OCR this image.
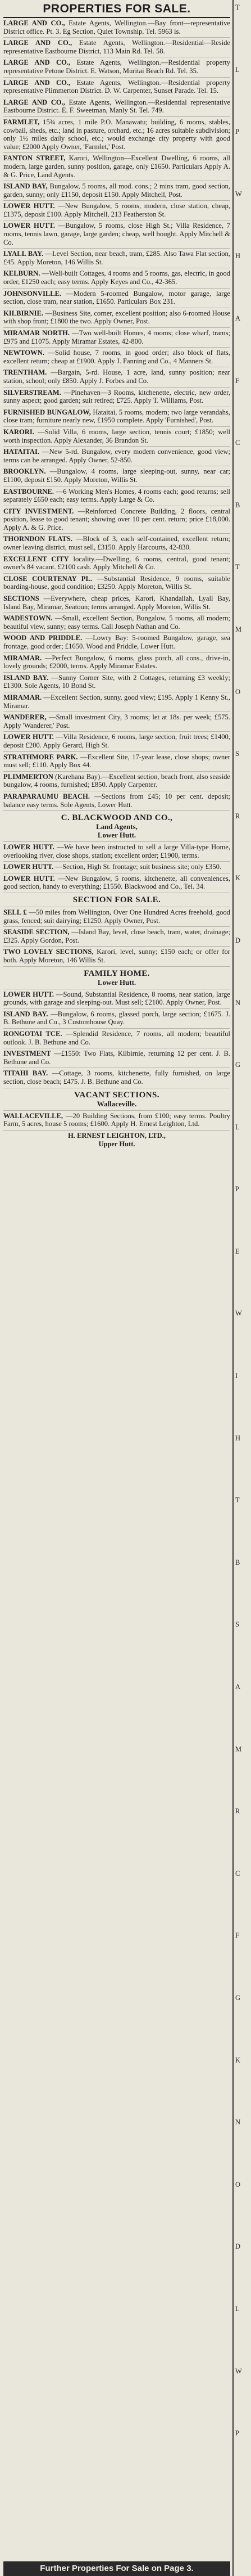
PROPERTIES FOR SALE.
LARGE AND CO., Estate Agents, Wellington.—Bay front—representative District office. Pt. 3. Eg Section, Quiet Township. Tel. 5963 is.
LARGE AND CO., Estate Agents, Wellington.—Residential—Reside representative Eastbourne District, 113 Main Rd. Tel. 58.
LARGE AND CO., Estate Agents, Wellington.—Residential property representative Petone District. E. Watson, Muritai Beach Rd. Tel. 35.
LARGE AND CO., Estate Agents, Wellington.—Residential property representative Plimmerton District. D. W. Carpenter, Sunset Parade. Tel. 15.
LARGE AND CO., Estate Agents, Wellington.—Residential representative Eastbourne District. E. F. Sweetman, Manly St. Tel. 749.
FARMLET, 15¾ acres, 1 mile P.O. Manawatu; building, 6 rooms, stables, cowbail, sheds, etc.; land in pasture, orchard, etc.; 16 acres suitable subdivision; only 1½ miles daily school, etc.; would exchange city property with good value; £2000 Apply Owner, 'Farmlet,' Post.
FANTON STREET, Karori, Wellington—Excellent Dwelling, 6 rooms, all modern, large garden, sunny position, garage, only £1650. Particulars Apply A. & G. Price, Land Agents.
ISLAND BAY, Bungalow, 5 rooms, all mod. cons.; 2 mins tram, good section, garden, sunny; only £1150, deposit £150. Apply Mitchell, Post.
LOWER HUTT. —New Bungalow, 5 rooms, modern, close station, cheap, £1375, deposit £100. Apply Mitchell, 213 Featherston St.
LOWER HUTT. —Bungalow, 5 rooms, close High St.; Villa Residence, 7 rooms, tennis lawn, garage, large garden; cheap, well bought. Apply Mitchell & Co.
LYALL BAY. —Level Section, near beach, tram, £285. Also Tawa Flat section, £45. Apply Moreton, 146 Willis St.
KELBURN. —Well-built Cottages, 4 rooms and 5 rooms, gas, electric, in good order, £1250 each; easy terms. Apply Keyes and Co., 42-365.
JOHNSONVILLE. —Modern 5-roomed Bungalow, motor garage, large section, close tram, near station, £1650. Particulars Box 231.
KILBIRNIE. —Business Site, corner, excellent position; also 6-roomed House with shop front; £1800 the two. Apply Owner, Post.
MIRAMAR NORTH. —Two well-built Homes, 4 rooms; close wharf, trams; £975 and £1075. Apply Miramar Estates, 42-800.
NEWTOWN. —Solid house, 7 rooms, in good order; also block of flats, excellent return; cheap at £1900. Apply J. Fanning and Co., 4 Manners St.
TRENTHAM. —Bargain, 5-rd. House, 1 acre, land, sunny position; near station, school; only £850. Apply J. Forbes and Co.
SILVERSTREAM. —Pinehaven—3 Rooms, kitchenette, electric, new order, sunny aspect; good garden; suit retired; £725. Apply T. Williams, Post.
FURNISHED BUNGALOW, Hataitai, 5 rooms, modern; two large verandahs, close tram; furniture nearly new, £1950 complete. Apply 'Furnished', Post.
KARORI. —Solid Villa, 6 rooms, large section, tennis court; £1850; well worth inspection. Apply Alexander, 36 Brandon St.
HATAITAI. —New 5-rd. Bungalow, every modern convenience, good view; terms can be arranged. Apply Owner, 52-850.
BROOKLYN. —Bungalow, 4 rooms, large sleeping-out, sunny, near car; £1100, deposit £150. Apply Moreton, Willis St.
EASTBOURNE. —6 Working Men's Homes, 4 rooms each; good returns; sell separately £650 each; easy terms. Apply Large & Co.
CITY INVESTMENT. —Reinforced Concrete Building, 2 floors, central position, lease to good tenant; showing over 10 per cent. return; price £18,000. Apply A. & G. Price.
THORNDON FLATS. —Block of 3, each self-contained, excellent return; owner leaving district, must sell, £3150. Apply Harcourts, 42-830.
EXCELLENT CITY locality.—Dwelling, 6 rooms, central, good tenant; owner's 84 vacant. £2100 cash. Apply Mitchell & Co.
CLOSE COURTENAY PL. —Substantial Residence, 9 rooms, suitable boarding-house, good condition; £3250. Apply Moreton, Willis St.
SECTIONS —Everywhere, cheap prices, Karori, Khandallah, Lyall Bay, Island Bay, Miramar, Seatoun; terms arranged. Apply Moreton, Willis St.
WADESTOWN. —Small, excellent Section, Bungalow, 5 rooms, all modern; beautiful view, sunny; easy terms. Call Joseph Nathan and Co.
WOOD AND PRIDDLE. —Lowry Bay: 5-roomed Bungalow, garage, sea frontage, good order; £1650. Wood and Priddle, Lower Hutt.
MIRAMAR. —Perfect Bungalow, 6 rooms, glass porch, all cons., drive-in, lovely grounds; £2000, terms. Apply Miramar Estates.
ISLAND BAY. —Sunny Corner Site, with 2 Cottages, returning £3 weekly; £1300. Sole Agents, 10 Bond St.
MIRAMAR. —Excellent Section, sunny, good view; £195. Apply 1 Kenny St., Miramar.
WANDERER, —Small investment City, 3 rooms; let at 18s. per week; £575. Apply 'Wanderer,' Post.
LOWER HUTT. —Villa Residence, 6 rooms, large section, fruit trees; £1400, deposit £200. Apply Gerard, High St.
STRATHMORE PARK. —Excellent Site, 17-year lease, close shops; owner must sell; £110. Apply Box 44.
PLIMMERTON (Karehana Bay).—Excellent section, beach front, also seaside bungalow, 4 rooms, furnished; £850. Apply Carpenter.
PARAPARAUMU BEACH. —Sections from £45; 10 per cent. deposit; balance easy terms. Sole Agents, Lower Hutt.
C. BLACKWOOD AND CO.,
Land Agents,
Lower Hutt.
LOWER HUTT. —We have been instructed to sell a large Villa-type Home, overlooking river, close shops, station; excellent order; £1900, terms.
LOWER HUTT. —Section, High St. frontage; suit business site; only £350.
LOWER HUTT. —New Bungalow, 5 rooms, kitchenette, all conveniences, good section, handy to everything; £1550. Blackwood and Co., Tel. 34.
SECTION FOR SALE.
SELL £ —50 miles from Wellington, Over One Hundred Acres freehold, good grass, fenced; suit dairying; £1250. Apply Owner, Post.
SEASIDE SECTION, —Island Bay, level, close beach, tram, water, drainage; £325. Apply Gordon, Post.
TWO LOVELY SECTIONS, Karori, level, sunny; £150 each; or offer for both. Apply Moreton, 146 Willis St.
FAMILY HOME.
Lower Hutt.
LOWER HUTT. —Sound, Substantial Residence, 8 rooms, near station, large grounds, with garage and sleeping-out. Must sell; £2100. Apply Owner, Post.
ISLAND BAY. —Bungalow, 6 rooms, glassed porch, large section; £1675. J. B. Bethune and Co., 3 Customhouse Quay.
RONGOTAI TCE. —Splendid Residence, 7 rooms, all modern; beautiful outlook. J. B. Bethune and Co.
INVESTMENT —£1550: Two Flats, Kilbirnie, returning 12 per cent. J. B. Bethune and Co.
TITAHI BAY. —Cottage, 3 rooms, kitchenette, fully furnished, on large section, close beach; £475. J. B. Bethune and Co.
VACANT SECTIONS.
Wallaceville.
WALLACEVILLE, —20 Building Sections, from £100; easy terms. Poultry Farm, 5 acres, house 5 rooms; £1600. Apply H. Ernest Leighton, Ltd.
H. ERNEST LEIGHTON, LTD.,
Upper Hutt.
Further Properties For Sale on Page 3.
T
L
P
W
H
A
F
C
B
T
M
O
S
R
K
D
N
G
L
P
E
W
I
H
T
B
S
A
M
R
C
F
G
K
N
O
D
L
W
P
